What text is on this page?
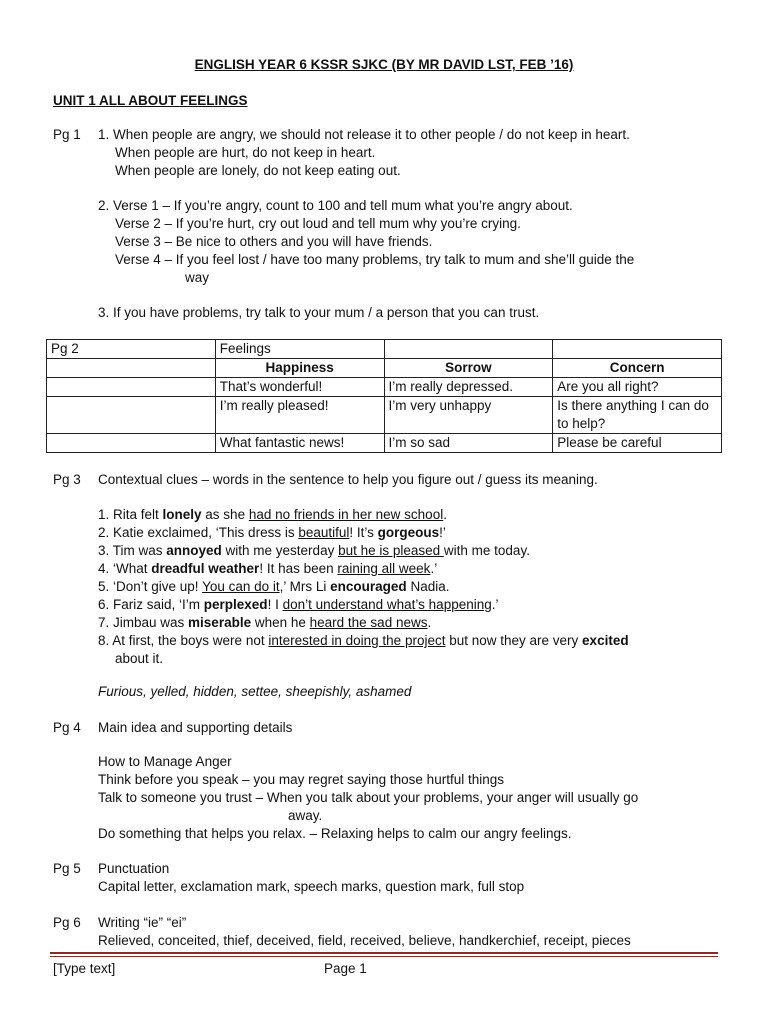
ENGLISH YEAR 6 KSSR SJKC (BY MR DAVID LST, FEB ’16)
UNIT 1 ALL ABOUT FEELINGS
Pg 1 1. When people are angry, we should not release it to other people / do not keep in heart.
When people are hurt, do not keep in heart.
When people are lonely, do not keep eating out.
2. Verse 1 – If you’re angry, count to 100 and tell mum what you’re angry about.
Verse 2 – If you’re hurt, cry out loud and tell mum why you’re crying.
Verse 3 – Be nice to others and you will have friends.
Verse 4 – If you feel lost / have too many problems, try talk to mum and she’ll guide the
way
3. If you have problems, try talk to your mum / a person that you can trust.
Pg 2	Feelings		
	Happiness	Sorrow	Concern
	That’s wonderful!	I’m really depressed.	Are you all right?
	I’m really pleased!	I’m very unhappy	Is there anything I can do to help?
	What fantastic news!	I’m so sad	Please be careful
Pg 3 Contextual clues – words in the sentence to help you figure out / guess its meaning.
1. Rita felt lonely as she had no friends in her new school.
2. Katie exclaimed, ‘This dress is beautiful! It’s gorgeous!’
3. Tim was annoyed with me yesterday but he is pleased with me today.
4. ‘What dreadful weather! It has been raining all week.’
5. ‘Don’t give up! You can do it,’ Mrs Li encouraged Nadia.
6. Fariz said, ‘I’m perplexed! I don’t understand what’s happening.’
7. Jimbau was miserable when he heard the sad news.
8. At first, the boys were not interested in doing the project but now they are very excited
about it.
Furious, yelled, hidden, settee, sheepishly, ashamed
Pg 4 Main idea and supporting details
How to Manage Anger
Think before you speak – you may regret saying those hurtful things
Talk to someone you trust – When you talk about your problems, your anger will usually go
away.
Do something that helps you relax. – Relaxing helps to calm our angry feelings.
Pg 5 Punctuation
Capital letter, exclamation mark, speech marks, question mark, full stop
Pg 6 Writing “ie” “ei”
Relieved, conceited, thief, deceived, field, received, believe, handkerchief, receipt, pieces
[Type text]	Page 1
